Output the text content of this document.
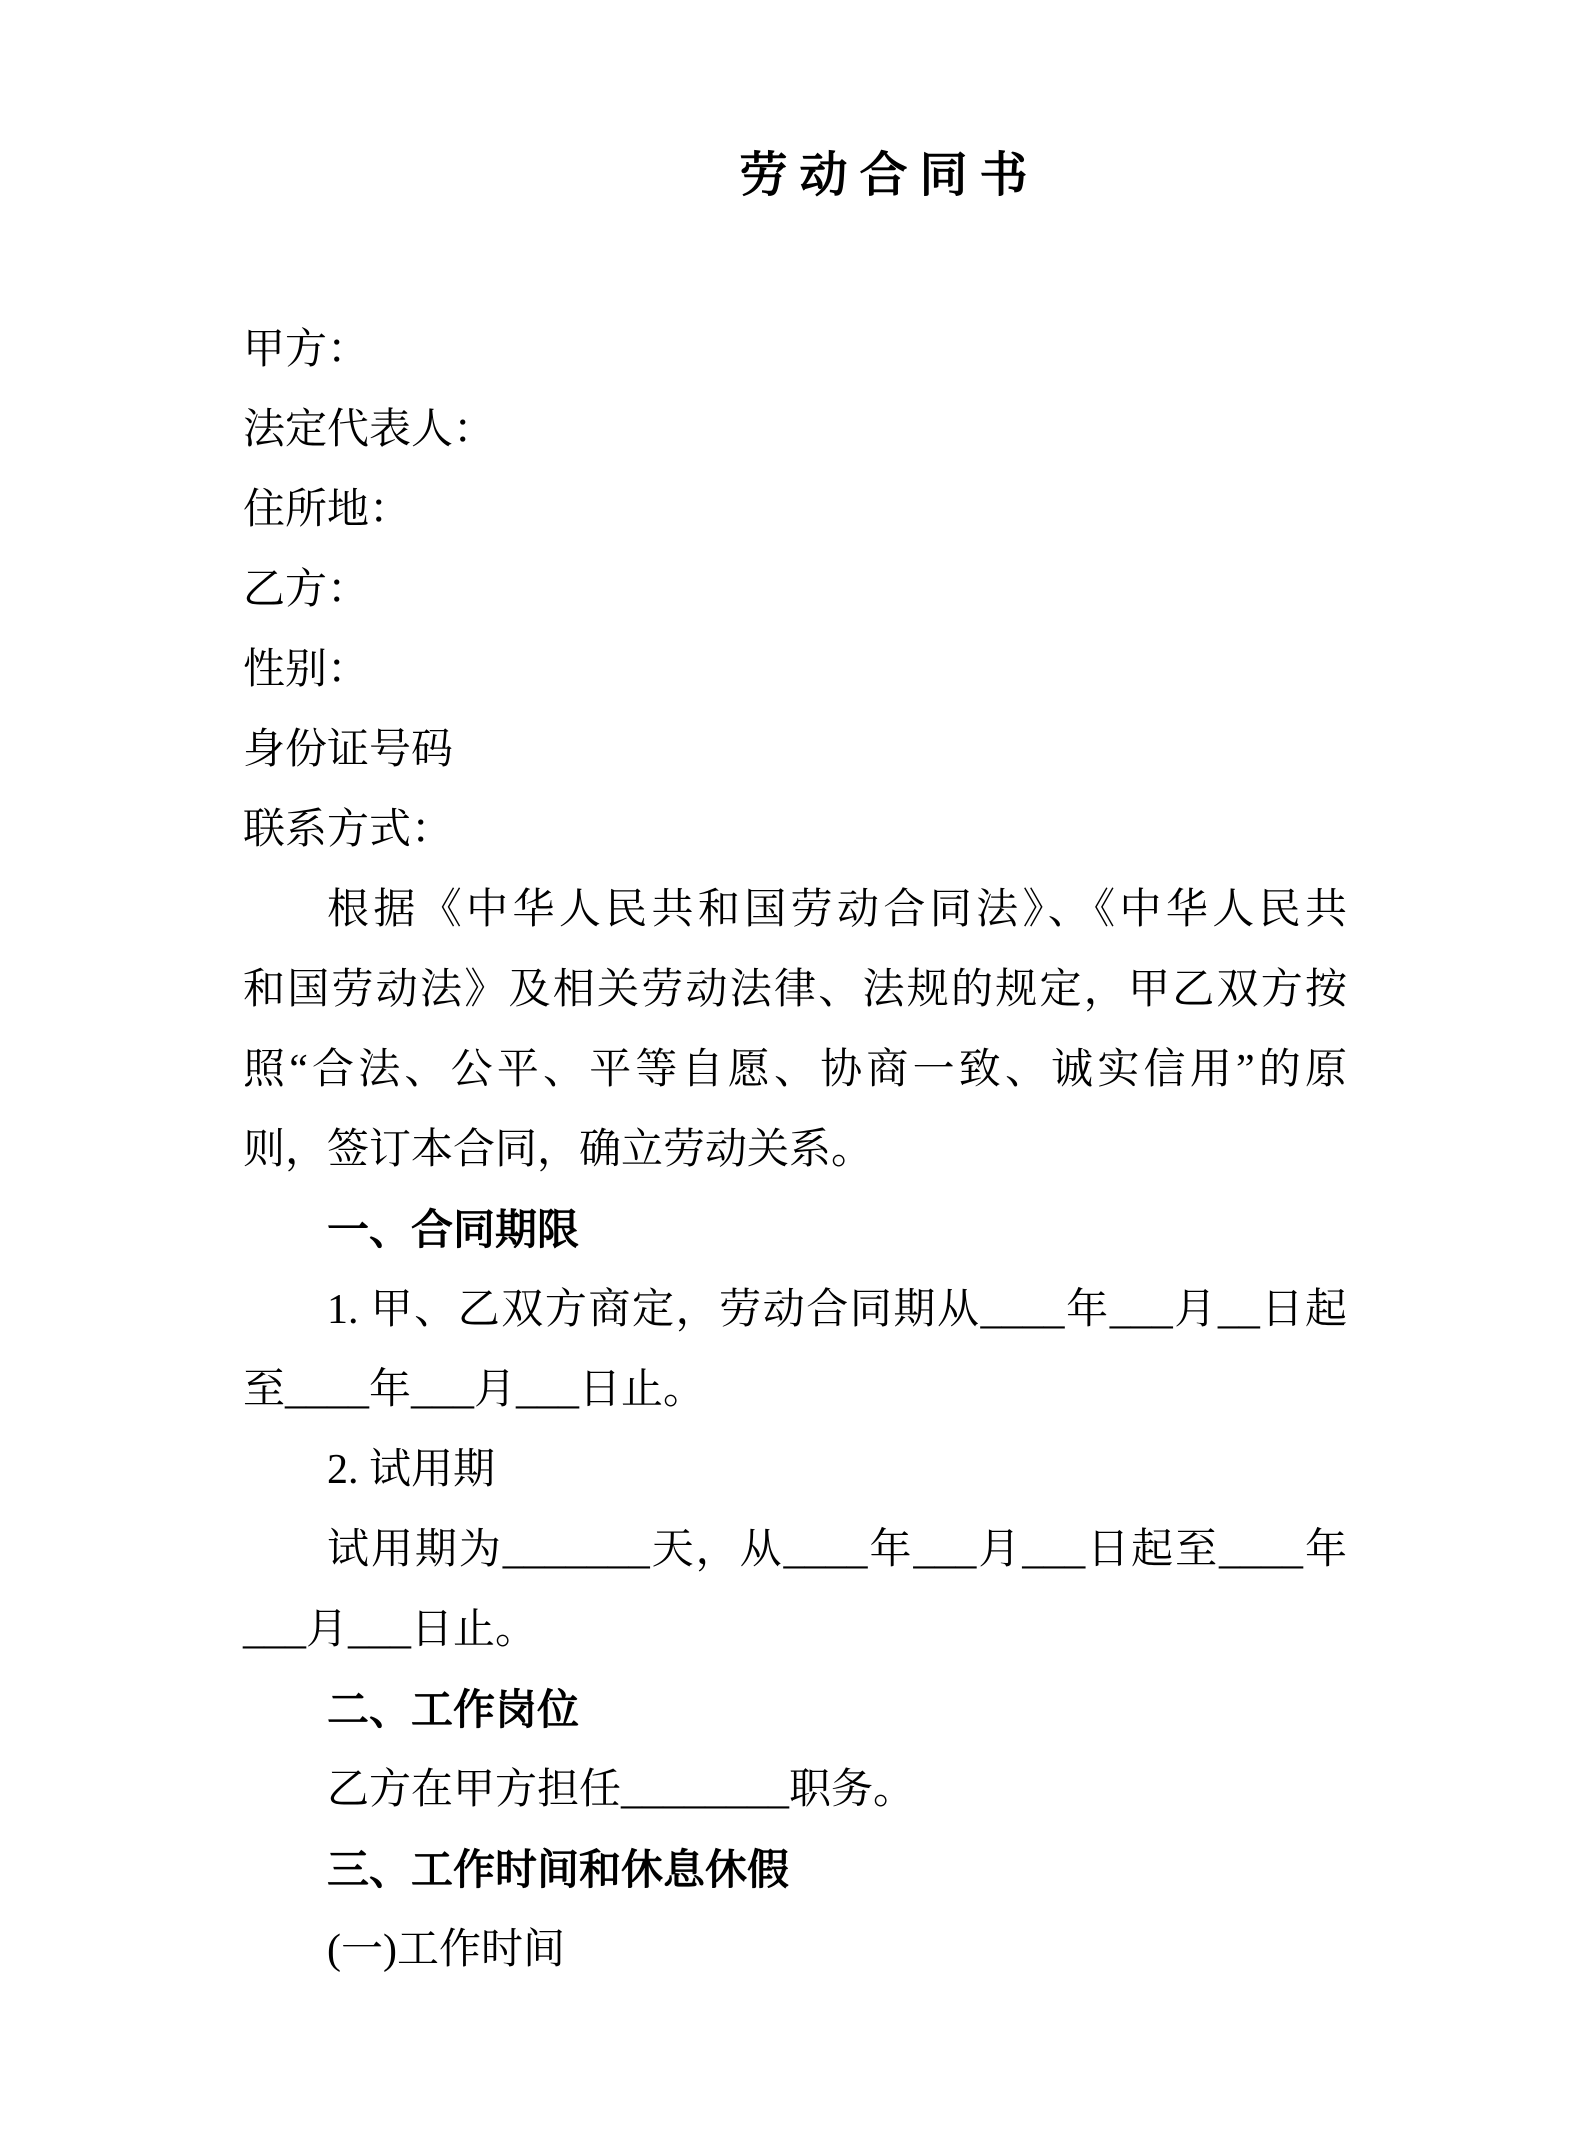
劳动合同书
甲方：
法定代表人：
住所地：
乙方：
性别：
身份证号码
联系方式：
根据《中华人民共和国劳动合同法》、《中华人民共
和国劳动法》及相关劳动法律、法规的规定，甲乙双方按
照“合法、公平、平等自愿、协商一致、诚实信用”的原
则，签订本合同，确立劳动关系。
一、合同期限
1. 甲、乙双方商定，劳动合同期从____年___月__日起
至____年___月___日止。
2. 试用期
试用期为_______天，从____年___月___日起至____年
___月___日止。
二、工作岗位
乙方在甲方担任________职务。
三、工作时间和休息休假
(一)工作时间
